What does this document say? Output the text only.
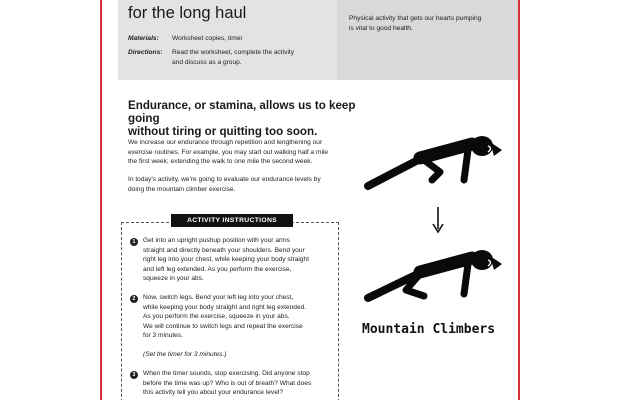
for the long haul
Materials: Worksheet copies, timer
Directions: Read the worksheet, complete the activity
and discuss as a group.
Physical activity that gets our hearts pumping
is vital to good health.
Endurance, or stamina, allows us to keep going
without tiring or quitting too soon.
We increase our endurance through repetition and lengthening our
exercise routines. For example, you may start out walking half a mile
the first week; extending the walk to one mile the second week.
In today's activity, we're going to evaluate our endurance levels by
doing the mountain climber exercise.
ACTIVITY INSTRUCTIONS
1	Get into an upright pushup position with your arms
straight and directly beneath your shoulders. Bend your
right leg into your chest, while keeping your body straight
and left leg extended. As you perform the exercise,
squeeze in your abs.
2	Now, switch legs. Bend your left leg into your chest,
while keeping your body straight and right leg extended.
As you perform the exercise, squeeze in your abs.
We will continue to switch legs and repeat the exercise
for 3 minutes.
(Set the timer for 3 minutes.)
3	When the timer sounds, stop exercising. Did anyone stop
before the time was up? Who is out of breath? What does
this activity tell you about your endurance level?
Mountain Climbers
